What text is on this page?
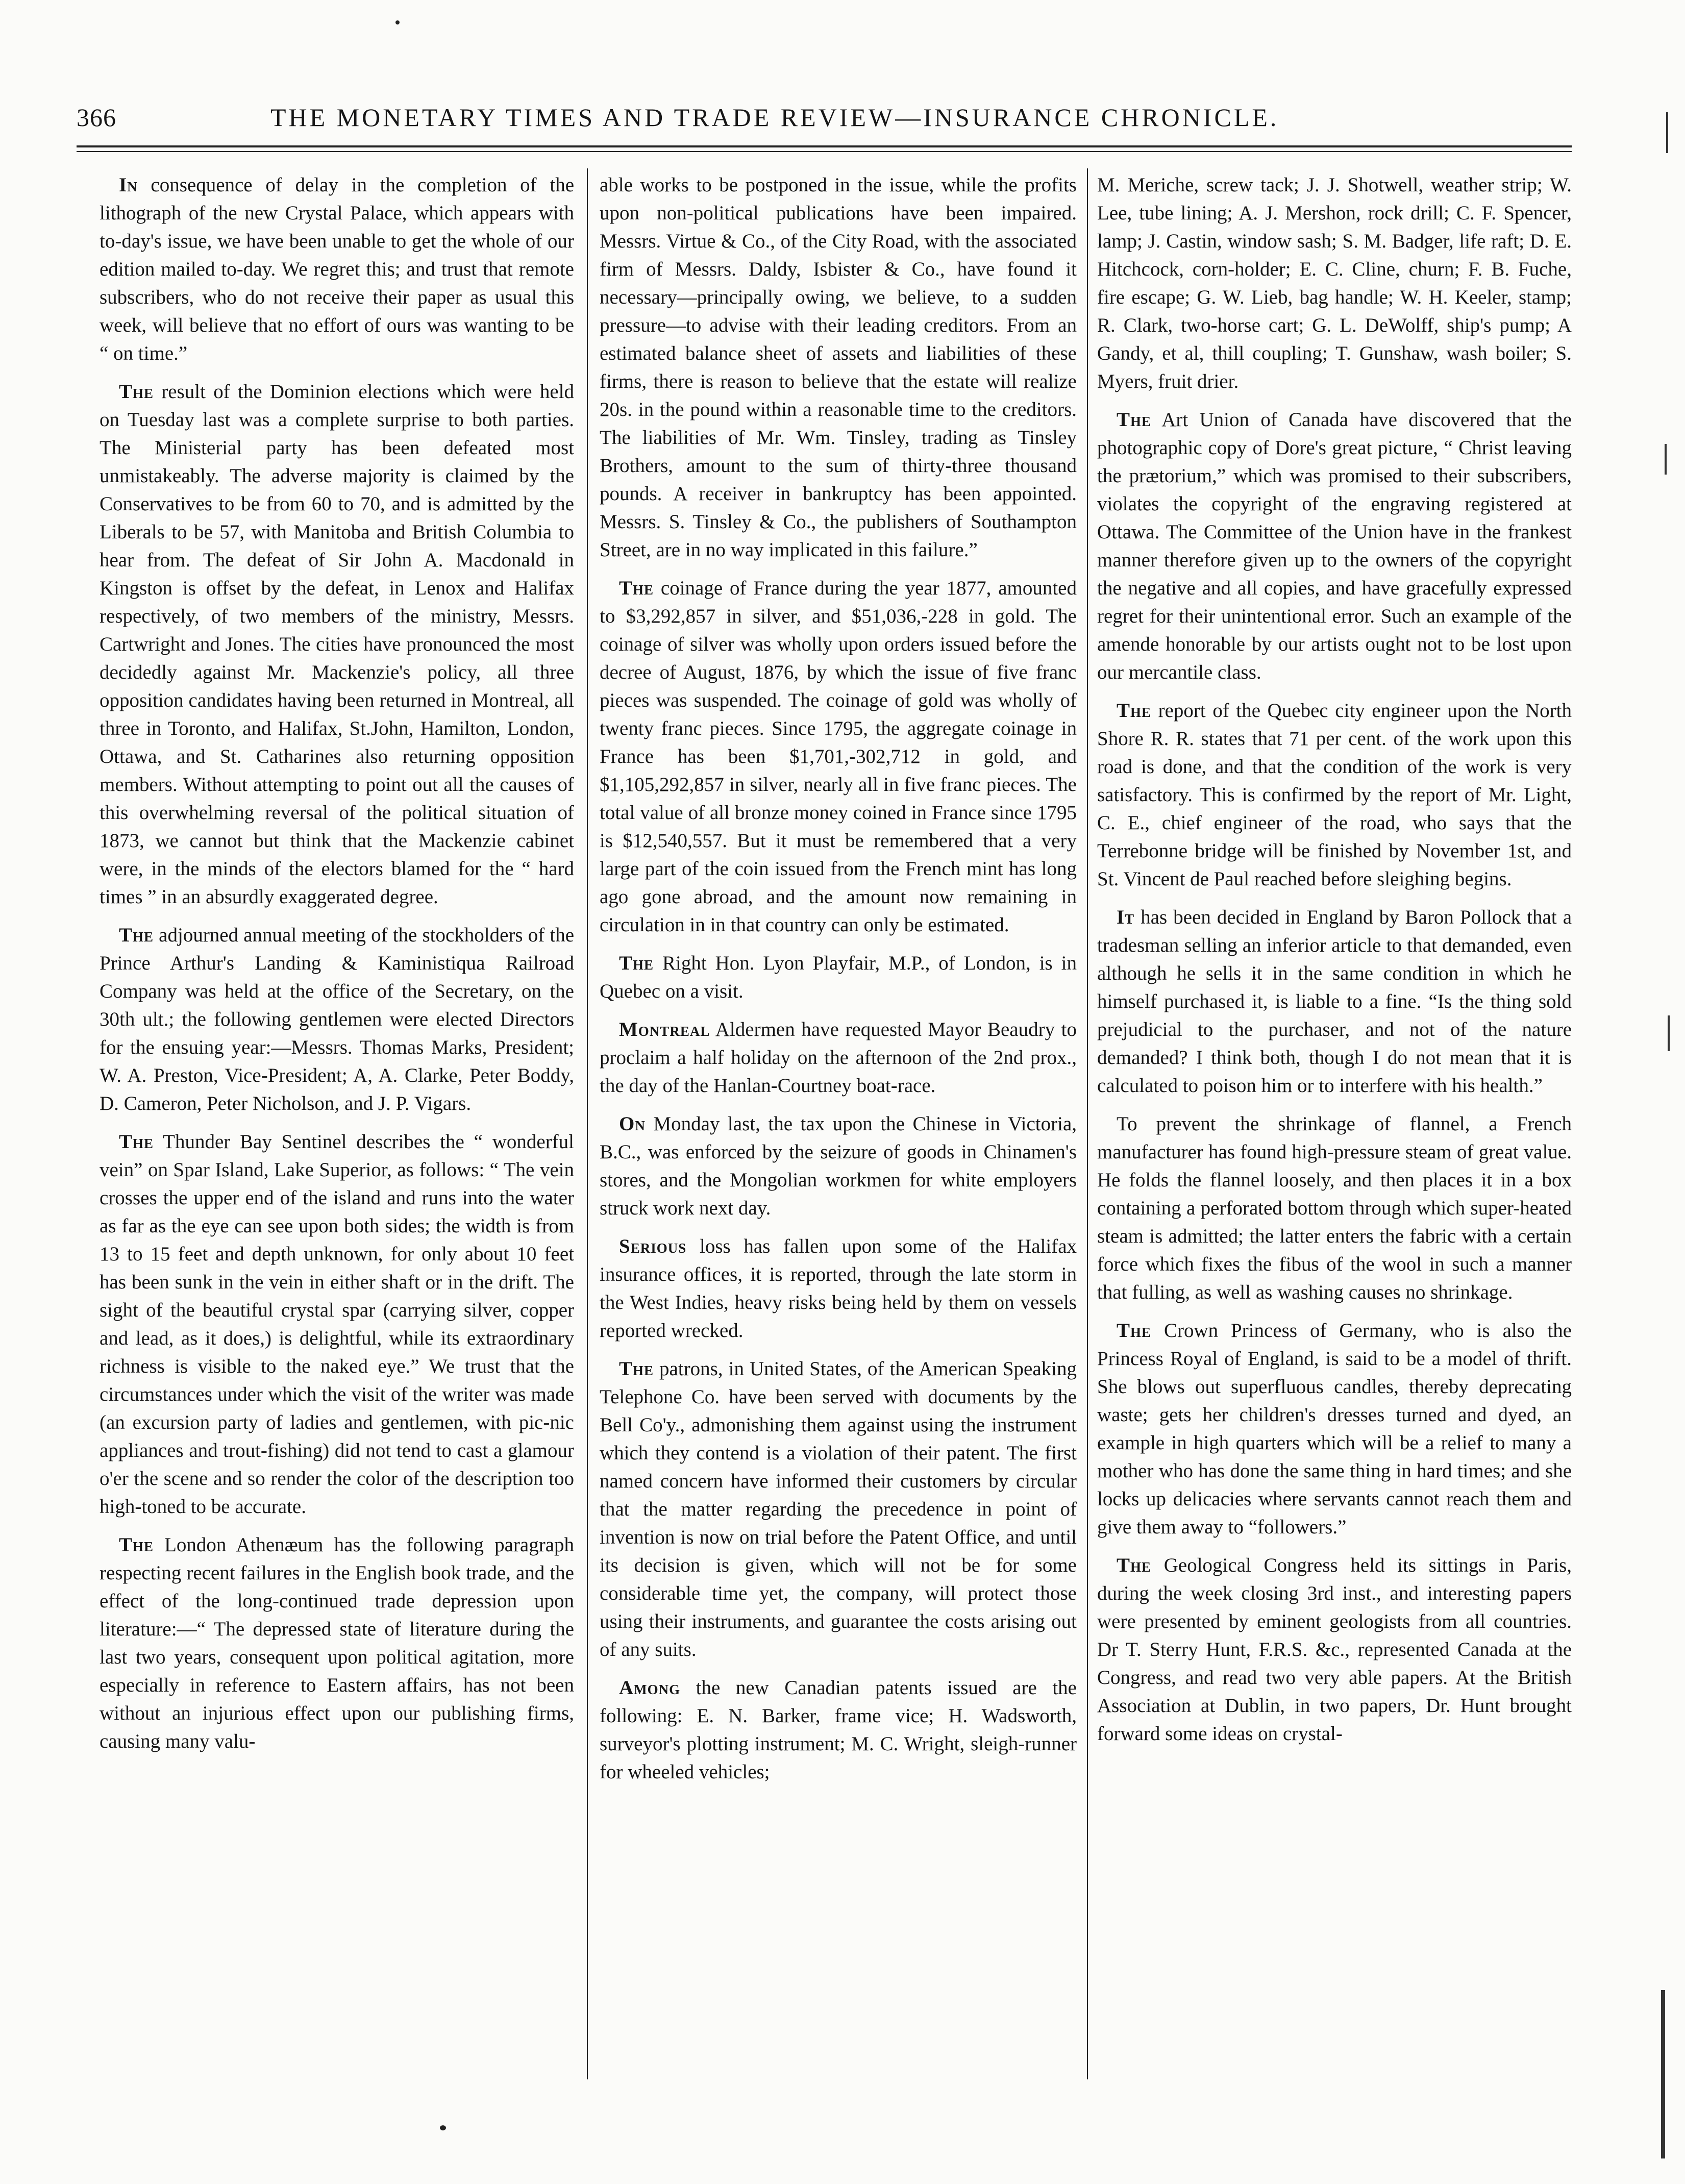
366	THE MONETARY TIMES AND TRADE REVIEW—INSURANCE CHRONICLE.

In consequence of delay in the completion of the lithograph of the new Crystal Palace, which appears with to-day's issue, we have been unable to get the whole of our edition mailed to-day. We regret this; and trust that remote subscribers, who do not receive their paper as usual this week, will believe that no effort of ours was wanting to be “ on time.”

The result of the Dominion elections which were held on Tuesday last was a complete surprise to both parties. The Ministerial party has been defeated most unmistakeably. The adverse majority is claimed by the Conservatives to be from 60 to 70, and is admitted by the Liberals to be 57, with Manitoba and British Columbia to hear from. The defeat of Sir John A. Macdonald in Kingston is offset by the defeat, in Lenox and Halifax respectively, of two members of the ministry, Messrs. Cartwright and Jones. The cities have pronounced the most decidedly against Mr. Mackenzie's policy, all three opposition candidates having been returned in Montreal, all three in Toronto, and Halifax, St.John, Hamilton, London, Ottawa, and St. Catharines also returning opposition members. Without attempting to point out all the causes of this overwhelming reversal of the political situation of 1873, we cannot but think that the Mackenzie cabinet were, in the minds of the electors blamed for the “ hard times ” in an absurdly exaggerated degree.

The adjourned annual meeting of the stockholders of the Prince Arthur's Landing & Kaministiqua Railroad Company was held at the office of the Secretary, on the 30th ult.; the following gentlemen were elected Directors for the ensuing year:—Messrs. Thomas Marks, President; W. A. Preston, Vice-President; A, A. Clarke, Peter Boddy, D. Cameron, Peter Nicholson, and J. P. Vigars.

The Thunder Bay Sentinel describes the “ wonderful vein” on Spar Island, Lake Superior, as follows: “ The vein crosses the upper end of the island and runs into the water as far as the eye can see upon both sides; the width is from 13 to 15 feet and depth unknown, for only about 10 feet has been sunk in the vein in either shaft or in the drift. The sight of the beautiful crystal spar (carrying silver, copper and lead, as it does,) is delightful, while its extraordinary richness is visible to the naked eye.” We trust that the circumstances under which the visit of the writer was made (an excursion party of ladies and gentlemen, with pic-nic appliances and trout-fishing) did not tend to cast a glamour o'er the scene and so render the color of the description too high-toned to be accurate.

The London Athenæum has the following paragraph respecting recent failures in the English book trade, and the effect of the long-continued trade depression upon literature:—“ The depressed state of literature during the last two years, consequent upon political agitation, more especially in reference to Eastern affairs, has not been without an injurious effect upon our publishing firms, causing many valu-

able works to be postponed in the issue, while the profits upon non-political publications have been impaired. Messrs. Virtue & Co., of the City Road, with the associated firm of Messrs. Daldy, Isbister & Co., have found it necessary—principally owing, we believe, to a sudden pressure—to advise with their leading creditors. From an estimated balance sheet of assets and liabilities of these firms, there is reason to believe that the estate will realize 20s. in the pound within a reasonable time to the creditors. The liabilities of Mr. Wm. Tinsley, trading as Tinsley Brothers, amount to the sum of thirty-three thousand pounds. A receiver in bankruptcy has been appointed. Messrs. S. Tinsley & Co., the publishers of Southampton Street, are in no way implicated in this failure.”

The coinage of France during the year 1877, amounted to $3,292,857 in silver, and $51,036,-228 in gold. The coinage of silver was wholly upon orders issued before the decree of August, 1876, by which the issue of five franc pieces was suspended. The coinage of gold was wholly of twenty franc pieces. Since 1795, the aggregate coinage in France has been $1,701,-302,712 in gold, and $1,105,292,857 in silver, nearly all in five franc pieces. The total value of all bronze money coined in France since 1795 is $12,540,557. But it must be remembered that a very large part of the coin issued from the French mint has long ago gone abroad, and the amount now remaining in circulation in in that country can only be estimated.

The Right Hon. Lyon Playfair, M.P., of London, is in Quebec on a visit.

Montreal Aldermen have requested Mayor Beaudry to proclaim a half holiday on the afternoon of the 2nd prox., the day of the Hanlan-Courtney boat-race.

On Monday last, the tax upon the Chinese in Victoria, B.C., was enforced by the seizure of goods in Chinamen's stores, and the Mongolian workmen for white employers struck work next day.

Serious loss has fallen upon some of the Halifax insurance offices, it is reported, through the late storm in the West Indies, heavy risks being held by them on vessels reported wrecked.

The patrons, in United States, of the American Speaking Telephone Co. have been served with documents by the Bell Co'y., admonishing them against using the instrument which they contend is a violation of their patent. The first named concern have informed their customers by circular that the matter regarding the precedence in point of invention is now on trial before the Patent Office, and until its decision is given, which will not be for some considerable time yet, the company, will protect those using their instruments, and guarantee the costs arising out of any suits.

Among the new Canadian patents issued are the following: E. N. Barker, frame vice; H. Wadsworth, surveyor's plotting instrument; M. C. Wright, sleigh-runner for wheeled vehicles;

M. Meriche, screw tack; J. J. Shotwell, weather strip; W. Lee, tube lining; A. J. Mershon, rock drill; C. F. Spencer, lamp; J. Castin, window sash; S. M. Badger, life raft; D. E. Hitchcock, corn-holder; E. C. Cline, churn; F. B. Fuche, fire escape; G. W. Lieb, bag handle; W. H. Keeler, stamp; R. Clark, two-horse cart; G. L. DeWolff, ship's pump; A Gandy, et al, thill coupling; T. Gunshaw, wash boiler; S. Myers, fruit drier.

The Art Union of Canada have discovered that the photographic copy of Dore's great picture, “ Christ leaving the prætorium,” which was promised to their subscribers, violates the copyright of the engraving registered at Ottawa. The Committee of the Union have in the frankest manner therefore given up to the owners of the copyright the negative and all copies, and have gracefully expressed regret for their unintentional error. Such an example of the amende honorable by our artists ought not to be lost upon our mercantile class.

The report of the Quebec city engineer upon the North Shore R. R. states that 71 per cent. of the work upon this road is done, and that the condition of the work is very satisfactory. This is confirmed by the report of Mr. Light, C. E., chief engineer of the road, who says that the Terrebonne bridge will be finished by November 1st, and St. Vincent de Paul reached before sleighing begins.

It has been decided in England by Baron Pollock that a tradesman selling an inferior article to that demanded, even although he sells it in the same condition in which he himself purchased it, is liable to a fine. “Is the thing sold prejudicial to the purchaser, and not of the nature demanded? I think both, though I do not mean that it is calculated to poison him or to interfere with his health.”

To prevent the shrinkage of flannel, a French manufacturer has found high-pressure steam of great value. He folds the flannel loosely, and then places it in a box containing a perforated bottom through which super-heated steam is admitted; the latter enters the fabric with a certain force which fixes the fibus of the wool in such a manner that fulling, as well as washing causes no shrinkage.

The Crown Princess of Germany, who is also the Princess Royal of England, is said to be a model of thrift. She blows out superfluous candles, thereby deprecating waste; gets her children's dresses turned and dyed, an example in high quarters which will be a relief to many a mother who has done the same thing in hard times; and she locks up delicacies where servants cannot reach them and give them away to “followers.”

The Geological Congress held its sittings in Paris, during the week closing 3rd inst., and interesting papers were presented by eminent geologists from all countries. Dr T. Sterry Hunt, F.R.S. &c., represented Canada at the Congress, and read two very able papers. At the British Association at Dublin, in two papers, Dr. Hunt brought forward some ideas on crystal-
